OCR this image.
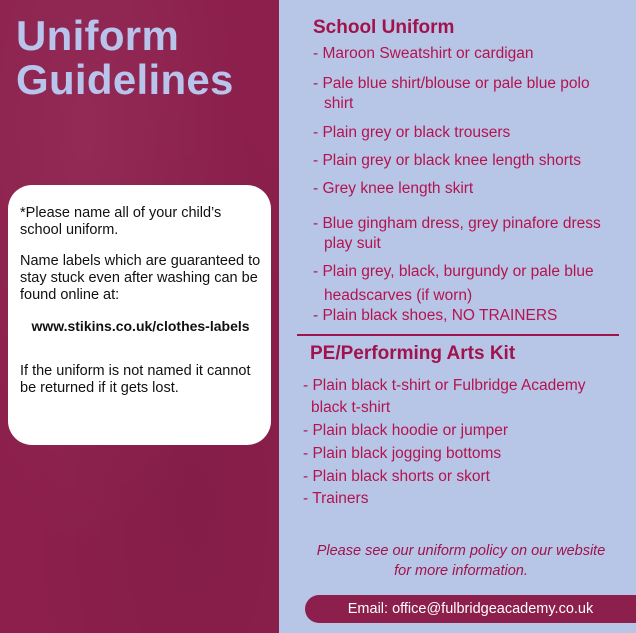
Uniform
Guidelines

*Please name all of your child’s school uniform.

Name labels which are guaranteed to stay stuck even after washing can be found online at:

www.stikins.co.uk/clothes-labels

If the uniform is not named it cannot be returned if it gets lost.

School Uniform
- Maroon Sweatshirt or cardigan
- Pale blue shirt/blouse or pale blue polo
shirt
- Plain grey or black trousers
- Plain grey or black knee length shorts
- Grey knee length skirt
- Blue gingham dress, grey pinafore dress
play suit
- Plain grey, black, burgundy or pale blue
headscarves (if worn)
- Plain black shoes, NO TRAINERS
PE/Performing Arts Kit
- Plain black t-shirt or Fulbridge Academy
black t-shirt
- Plain black hoodie or jumper
- Plain black jogging bottoms
- Plain black shorts or skort
- Trainers
Please see our uniform policy on our website
for more information.
Email: office@fulbridgeacademy.co.uk
